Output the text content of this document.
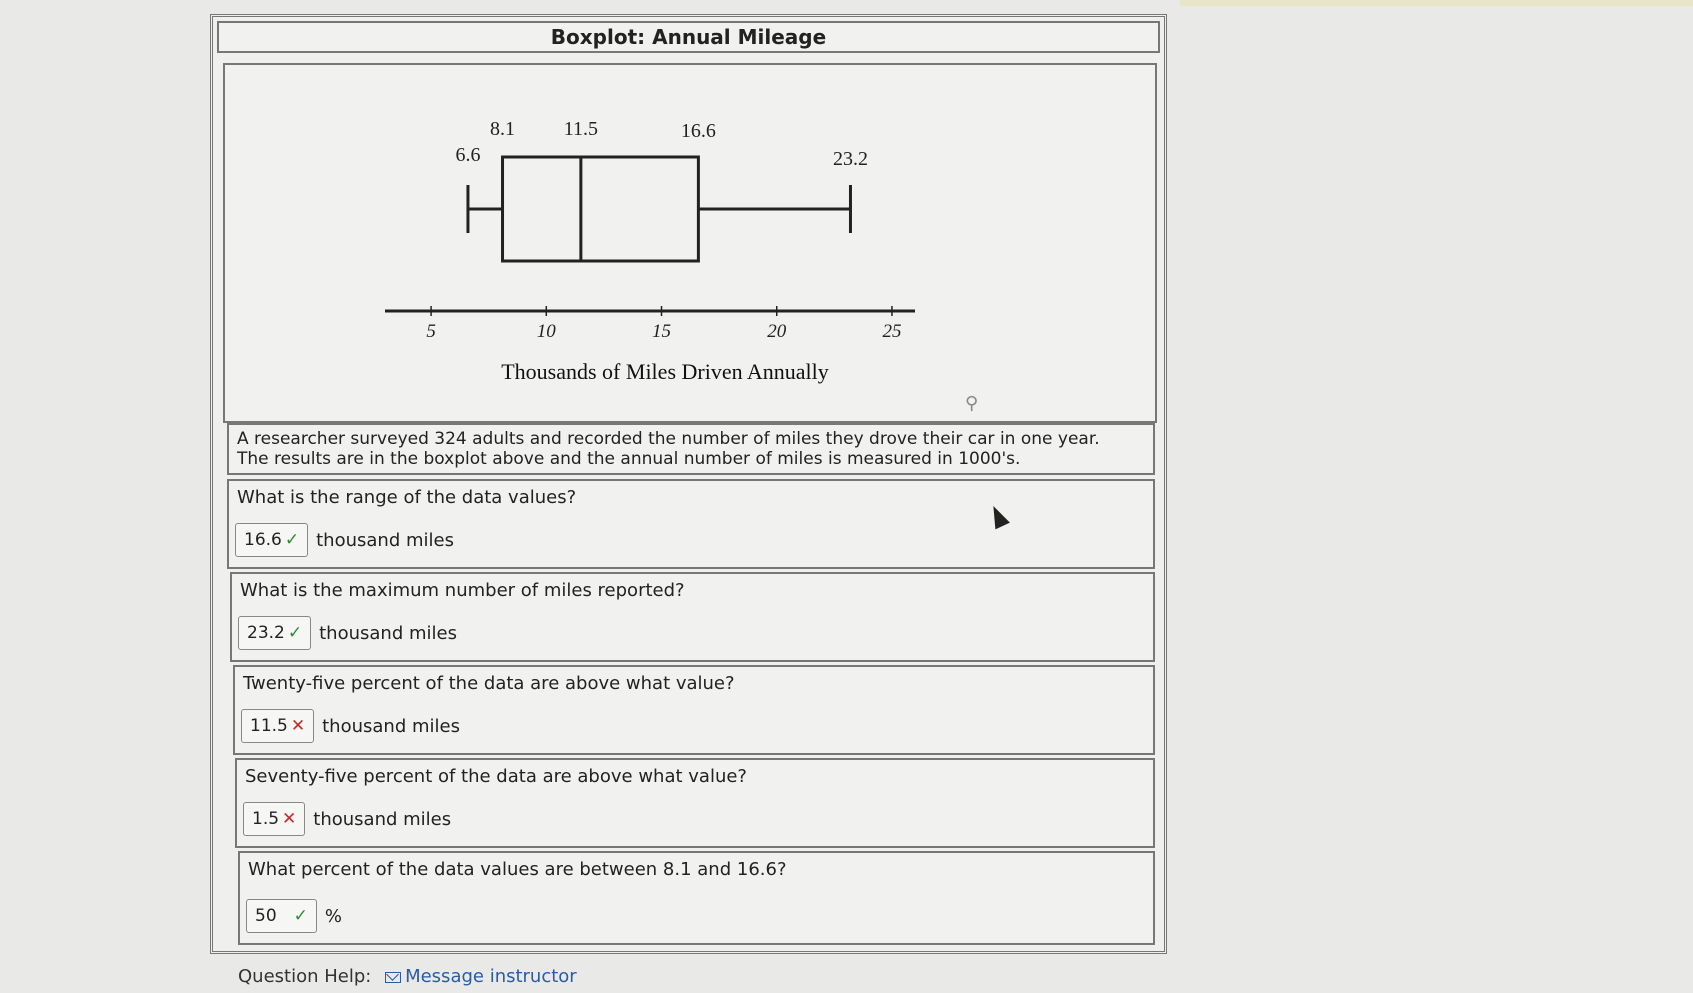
Boxplot: Annual Mileage
6.6
8.1 11.5	16.6
23.2
5	10	15	20	25
Thousands of Miles Driven Annually
A researcher surveyed 324 adults and recorded the number of miles they drove their car in one year.
The results are in the boxplot above and the annual number of miles is measured in 1000's.
What is the range of the data values?
16.6 ✓ thousand miles
What is the maximum number of miles reported?
23.2 ✓ thousand miles
Twenty-five percent of the data are above what value?
11.5 ✕ thousand miles
Seventy-five percent of the data are above what value?
1.5 ✕ thousand miles
What percent of the data values are between 8.1 and 16.6?
50 ✓ %
⚲
Question Help: Message instructor
